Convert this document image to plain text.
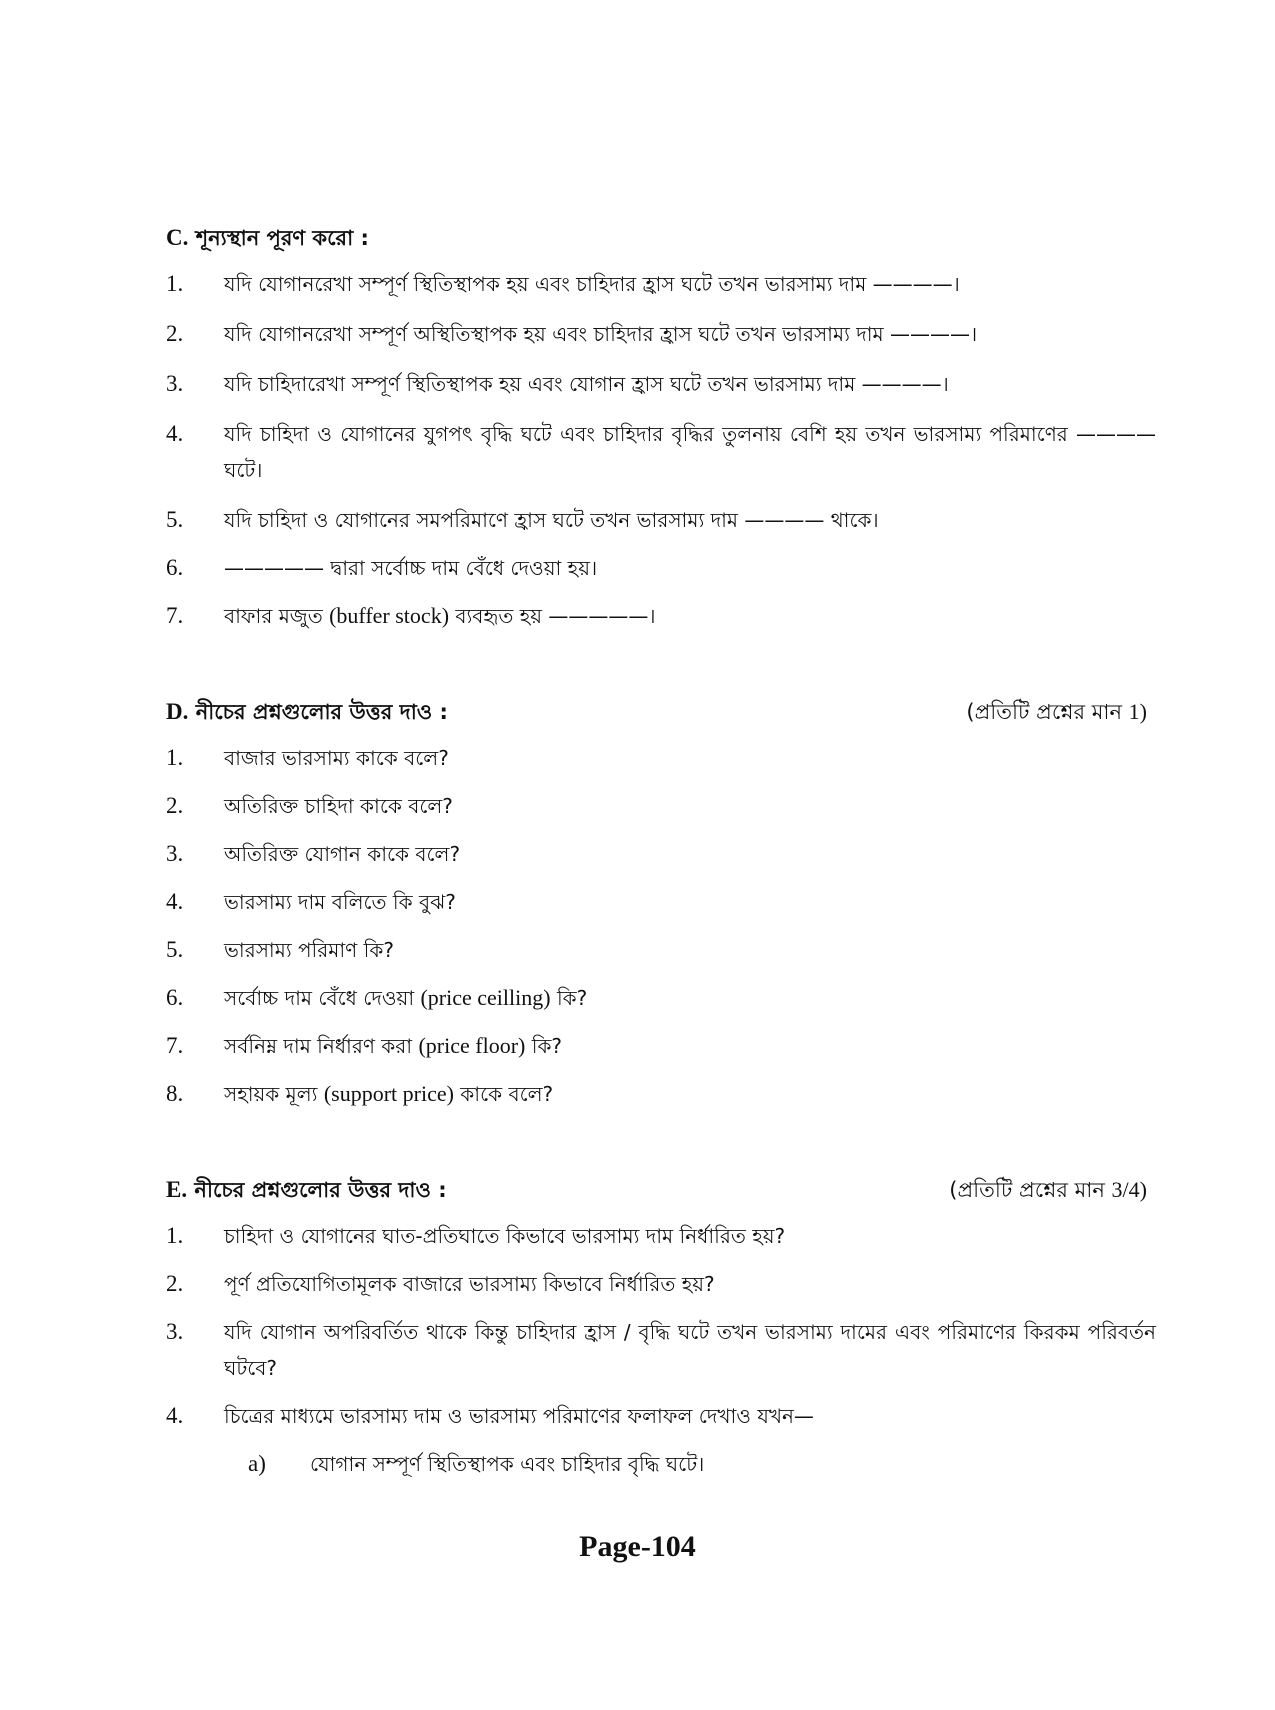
C. শূন্যস্থান পূরণ করো :
1.	যদি যোগানরেখা সম্পূর্ণ স্থিতিস্থাপক হয় এবং চাহিদার হ্রাস ঘটে তখন ভারসাম্য দাম ————।
2.	যদি যোগানরেখা সম্পূর্ণ অস্থিতিস্থাপক হয় এবং চাহিদার হ্রাস ঘটে তখন ভারসাম্য দাম ————।
3.	যদি চাহিদারেখা সম্পূর্ণ স্থিতিস্থাপক হয় এবং যোগান হ্রাস ঘটে তখন ভারসাম্য দাম ————।
4.	যদি চাহিদা ও যোগানের যুগপৎ বৃদ্ধি ঘটে এবং চাহিদার বৃদ্ধির তুলনায় বেশি হয় তখন ভারসাম্য পরিমাণের ————ঘটে।
5.	যদি চাহিদা ও যোগানের সমপরিমাণে হ্রাস ঘটে তখন ভারসাম্য দাম ———— থাকে।
6.	————— দ্বারা সর্বোচ্চ দাম বেঁধে দেওয়া হয়।
7.	বাফার মজুত (buffer stock) ব্যবহৃত হয় —————।
D. নীচের প্রশ্নগুলোর উত্তর দাও :	(প্রতিটি প্রশ্নের মান 1)
1.	বাজার ভারসাম্য কাকে বলে?
2.	অতিরিক্ত চাহিদা কাকে বলে?
3.	অতিরিক্ত যোগান কাকে বলে?
4.	ভারসাম্য দাম বলিতে কি বুঝ?
5.	ভারসাম্য পরিমাণ কি?
6.	সর্বোচ্চ দাম বেঁধে দেওয়া (price ceilling) কি?
7.	সর্বনিম্ন দাম নির্ধারণ করা (price floor) কি?
8.	সহায়ক মূল্য (support price) কাকে বলে?
E. নীচের প্রশ্নগুলোর উত্তর দাও :	(প্রতিটি প্রশ্নের মান 3/4)
1.	চাহিদা ও যোগানের ঘাত-প্রতিঘাতে কিভাবে ভারসাম্য দাম নির্ধারিত হয়?
2.	পূর্ণ প্রতিযোগিতামূলক বাজারে ভারসাম্য কিভাবে নির্ধারিত হয়?
3.	যদি যোগান অপরিবর্তিত থাকে কিন্তু চাহিদার হ্রাস / বৃদ্ধি ঘটে তখন ভারসাম্য দামের এবং পরিমাণের কিরকম পরিবর্তন ঘটবে?
4.	চিত্রের মাধ্যমে ভারসাম্য দাম ও ভারসাম্য পরিমাণের ফলাফল দেখাও যখন—
a) যোগান সম্পূর্ণ স্থিতিস্থাপক এবং চাহিদার বৃদ্ধি ঘটে।
Page-104
